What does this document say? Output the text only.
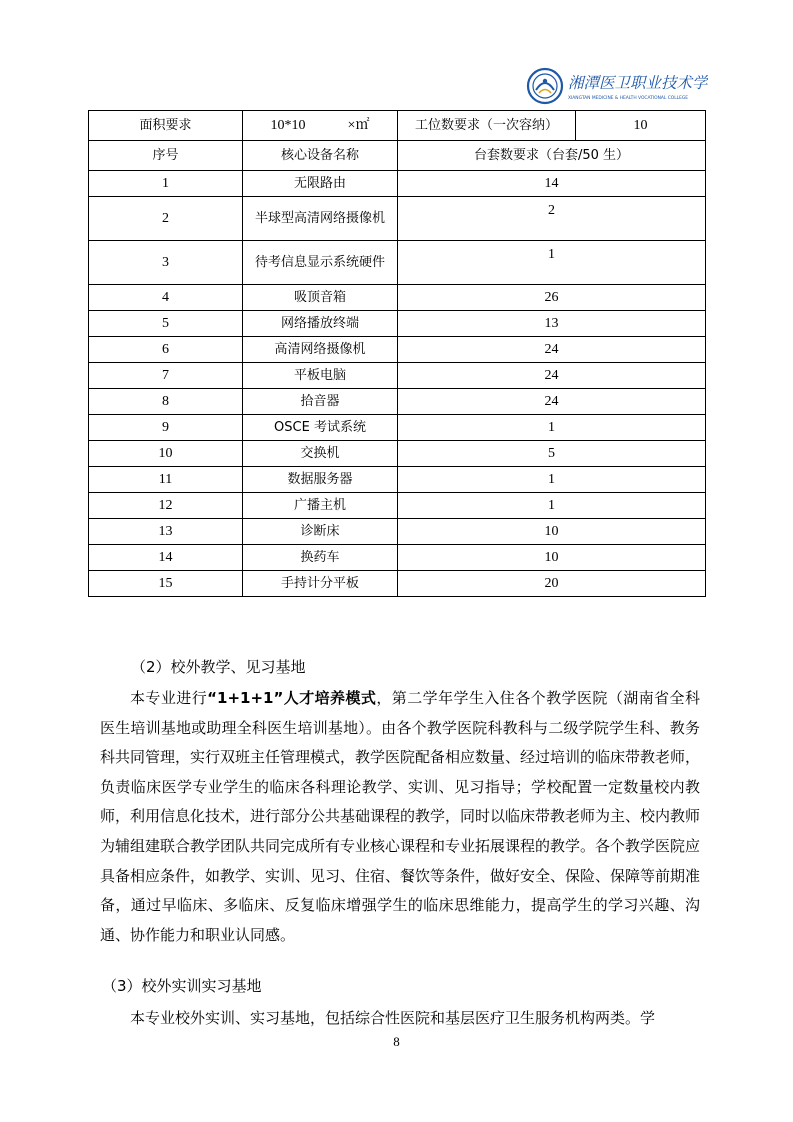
湘潭医卫职业技术学院
XIANGTAN MEDICINE & HEALTH VOCATIONAL COLLEGE
面积要求	10*10　　　×㎡	工位数要求（一次容纳）	10
序号	核心设备名称	台套数要求（台套/50 生）	
1	无限路由	14	
2	半球型高清网络摄像机	2	
3	待考信息显示系统硬件	1	
4	吸顶音箱	26	
5	网络播放终端	13	
6	高清网络摄像机	24	
7	平板电脑	24	
8	拾音器	24	
9	OSCE 考试系统	1	
10	交换机	5	
11	数据服务器	1	
12	广播主机	1	
13	诊断床	10	
14	换药车	10	
15	手持计分平板	20	
（2）校外教学、见习基地
本专业进行“1+1+1”人才培养模式，第二学年学生入住各个教学医院（湖南省全科医生培训基地或助理全科医生培训基地）。由各个教学医院科教科与二级学院学生科、教务科共同管理，实行双班主任管理模式，教学医院配备相应数量、经过培训的临床带教老师，负责临床医学专业学生的临床各科理论教学、实训、见习指导；学校配置一定数量校内教师，利用信息化技术，进行部分公共基础课程的教学，同时以临床带教老师为主、校内教师为辅组建联合教学团队共同完成所有专业核心课程和专业拓展课程的教学。各个教学医院应具备相应条件，如教学、实训、见习、住宿、餐饮等条件，做好安全、保险、保障等前期准备，通过早临床、多临床、反复临床增强学生的临床思维能力，提高学生的学习兴趣、沟通、协作能力和职业认同感。
（3）校外实训实习基地
本专业校外实训、实习基地，包括综合性医院和基层医疗卫生服务机构两类。学
8
